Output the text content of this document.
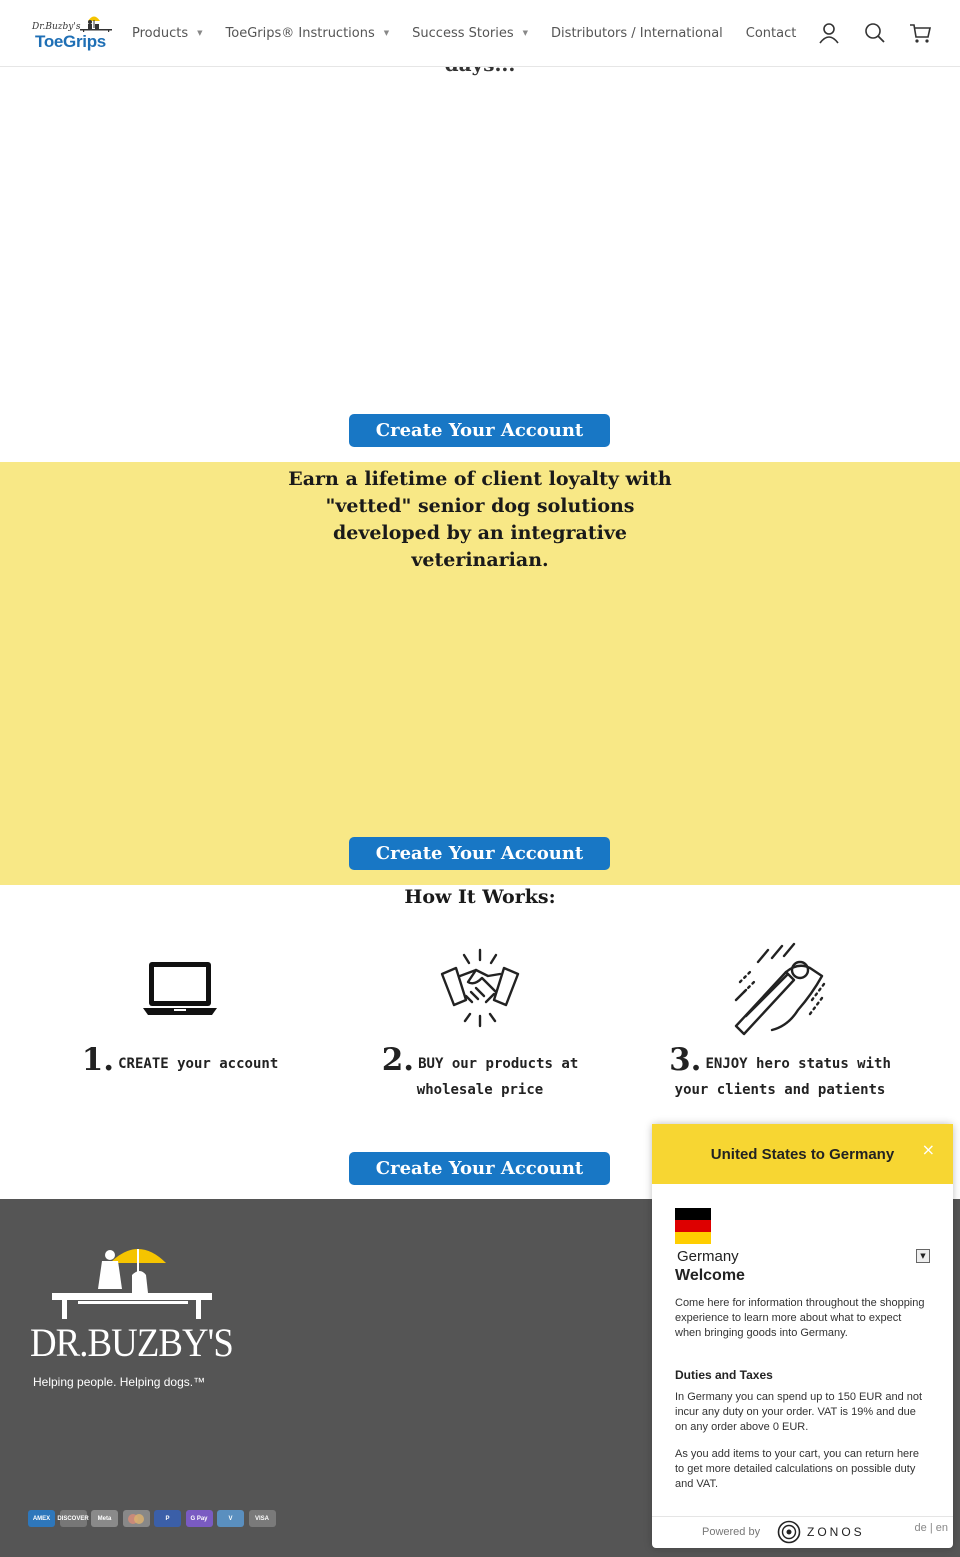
Dr.Buzby's
ToeGrips Products ▼ ToeGrips® Instructions ▼ Success Stories ▼ Distributors / International Contact
Create Your Account
Earn a lifetime of client loyalty with "vetted" senior dog solutions developed by an integrative veterinarian.
Create Your Account
How It Works:
1. CREATE your account	2. BUY our products at wholesale price
3. ENJOY hero status with your clients and patients
Create Your Account
DR.BUZBY'S
Helping people. Helping dogs.™
AMEX	DISCOVER	Meta	P	G Pay	V	VISA
United States to Germany	×
Germany	▼
Welcome
Come here for information throughout the shopping experience to learn more about what to expect when bringing goods into Germany.
Duties and Taxes
In Germany you can spend up to 150 EUR and not incur any duty on your order. VAT is 19% and due on any order above 0 EUR.
As you add items to your cart, you can return here to get more detailed calculations on possible duty and VAT.
Powered by	ZONOS	de | en
